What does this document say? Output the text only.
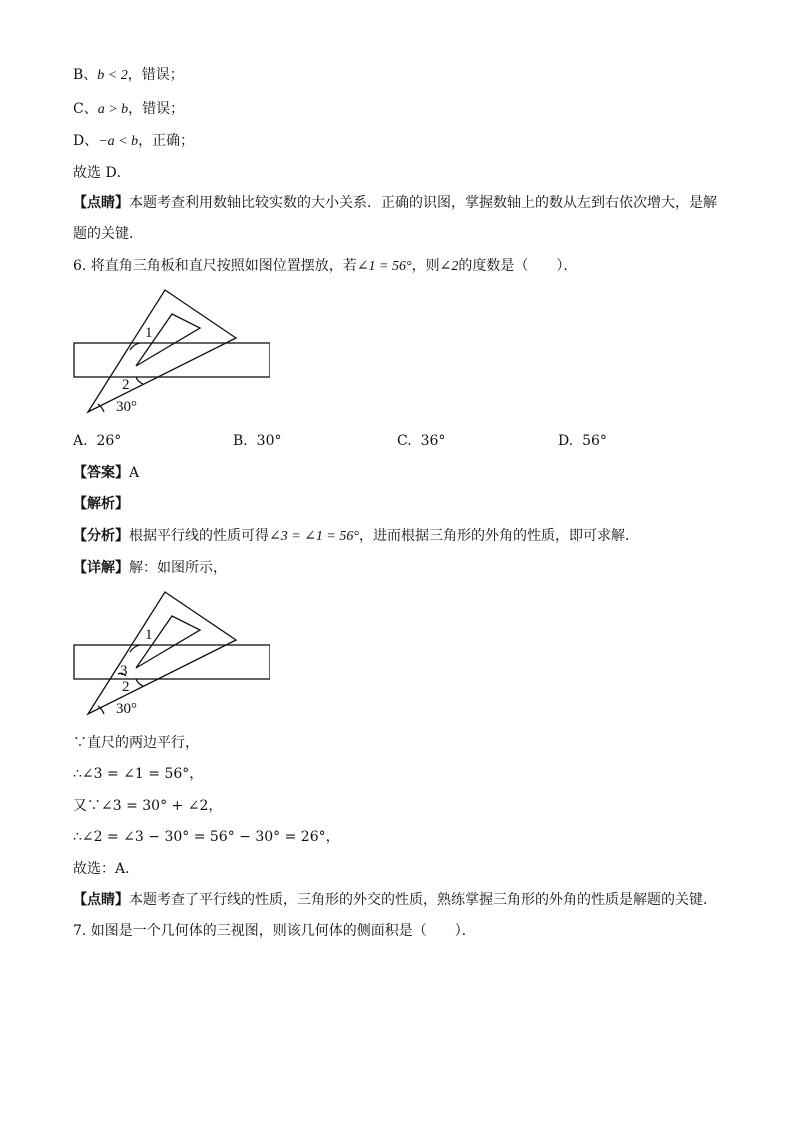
B、b < 2，错误；
C、a > b，错误；
D、−a < b，正确；
故选 D．
【点睛】本题考查利用数轴比较实数的大小关系．正确的识图，掌握数轴上的数从左到右依次增大，是解
题的关键．
6. 将直角三角板和直尺按照如图位置摆放，若∠1 = 56°，则∠2的度数是（　　）．
1
2
30°
A. 26°	B. 30°	C. 36°	D. 56°
【答案】A
【解析】
【分析】根据平行线的性质可得∠3 = ∠1 = 56°，进而根据三角形的外角的性质，即可求解．
【详解】解：如图所示，
1
3
2
30°
∵直尺的两边平行，
∴∠3 = ∠1 = 56°，
又∵∠3 = 30° + ∠2，
∴∠2 = ∠3 − 30° = 56° − 30° = 26°，
故选：A．
【点睛】本题考查了平行线的性质，三角形的外交的性质，熟练掌握三角形的外角的性质是解题的关键．
7. 如图是一个几何体的三视图，则该几何体的侧面积是（　　）．
